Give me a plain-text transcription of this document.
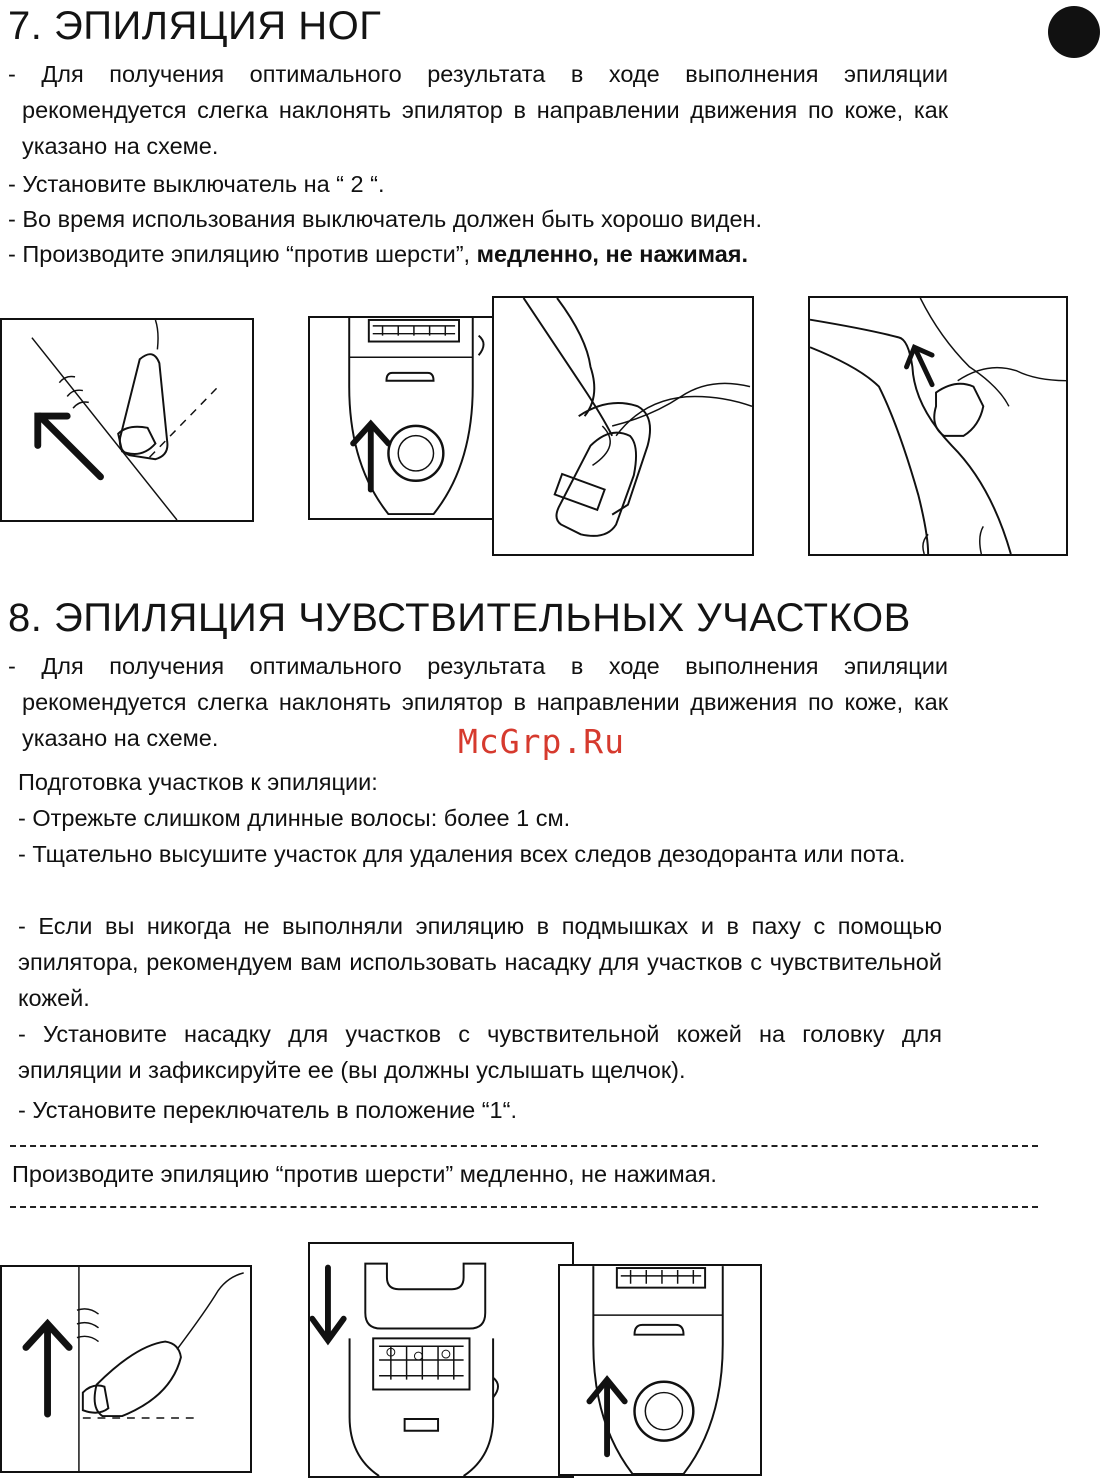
7. ЭПИЛЯЦИЯ НОГ
- Для получения оптимального результата в ходе выполнения эпиляции рекомендуется слегка наклонять эпилятор в направлении движения по коже, как указано на схеме.
- Установите выключатель на “ 2 “.
- Во время использования выключатель должен быть хорошо виден.
- Производите эпиляцию “против шерсти”, медленно, не нажимая.
8. ЭПИЛЯЦИЯ ЧУВСТВИТЕЛЬНЫХ УЧАСТКОВ
- Для получения оптимального результата в ходе выполнения эпиляции рекомендуется слегка наклонять эпилятор в направлении движения по коже, как указано на схеме.	McGrp.Ru
Подготовка участков к эпиляции:
- Отрежьте слишком длинные волосы: более 1 см.
- Тщательно высушите участок для удаления всех следов дезодоранта или пота.
- Если вы никогда не выполняли эпиляцию в подмышках и в паху с помощью эпилятора, рекомендуем вам использовать насадку для участков с чувствительной кожей.
- Установите насадку для участков с чувствительной кожей на головку для эпиляции и зафиксируйте ее (вы должны услышать щелчок).
- Установите переключатель в положение “1“.
Производите эпиляцию “против шерсти” медленно, не нажимая.
